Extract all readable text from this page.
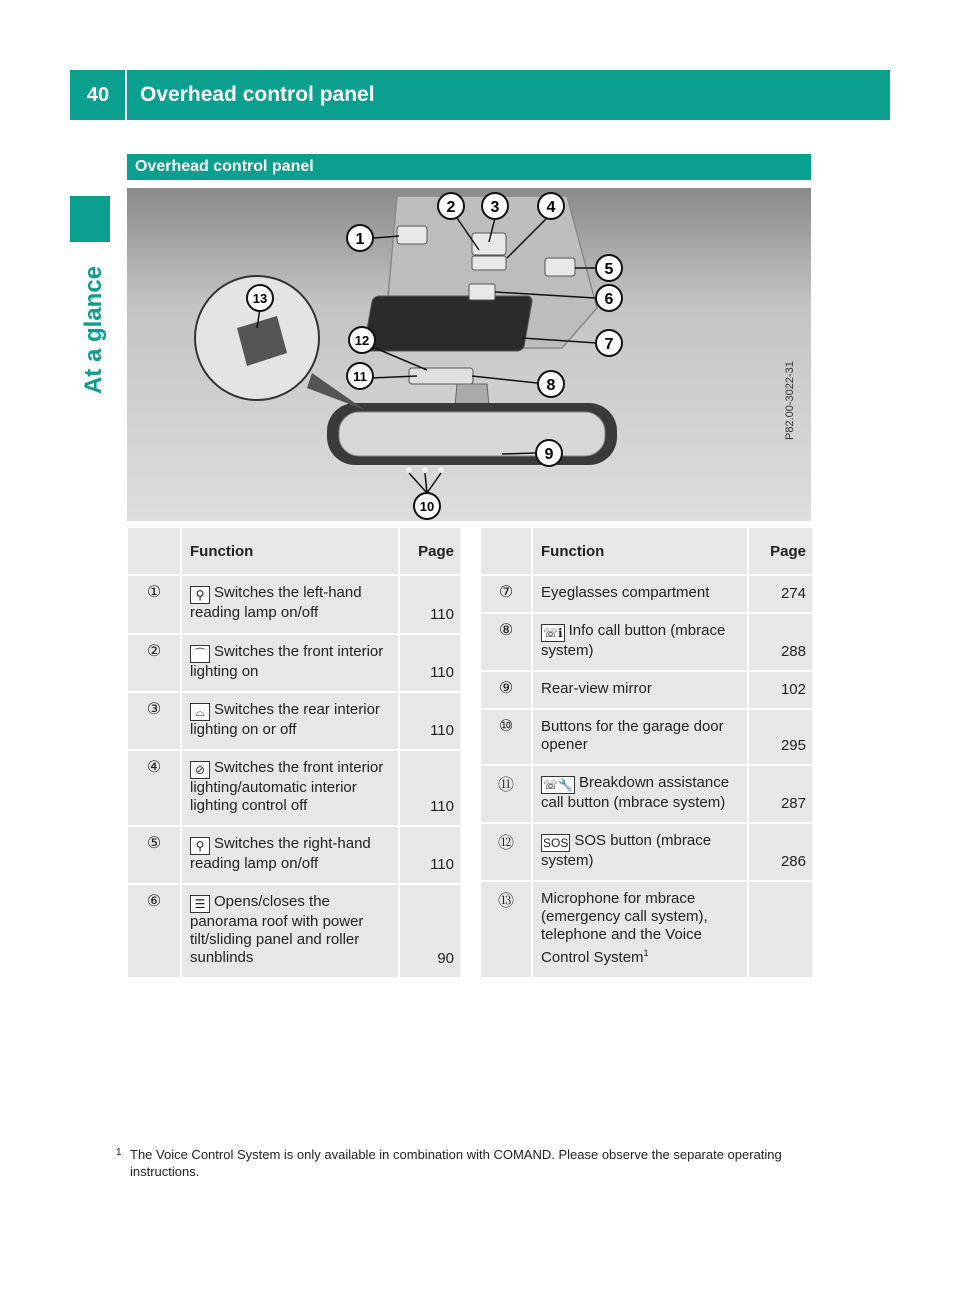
40	Overhead control panel
At a glance
Overhead control panel
1
2 3	4
5
6
7
8
9
10
11
12
13
P82.00-3022-31
	Function	Page
①	⚲ Switches the left-hand reading lamp on/off	110
②	⌒ Switches the front interior lighting on	110
③	⌓ Switches the rear interior lighting on or off	110
④	⊘ Switches the front interior lighting/automatic interior lighting control off	110
⑤	⚲ Switches the right-hand reading lamp on/off	110
⑥	☰ Opens/closes the panorama roof with power tilt/sliding panel and roller sunblinds	90
	Function	Page
⑦	Eyeglasses compartment	274
⑧	☏ℹ Info call button (mbrace system)	288
⑨	Rear-view mirror	102
⑩	Buttons for the garage door opener	295
⑪	☏🔧 Breakdown assistance call button (mbrace system)	287
⑫	SOS SOS button (mbrace system)	286
⑬	Microphone for mbrace (emergency call system), telephone and the Voice Control System$^1$	
1 The Voice Control System is only available in combination with COMAND. Please observe the separate operating instructions.
